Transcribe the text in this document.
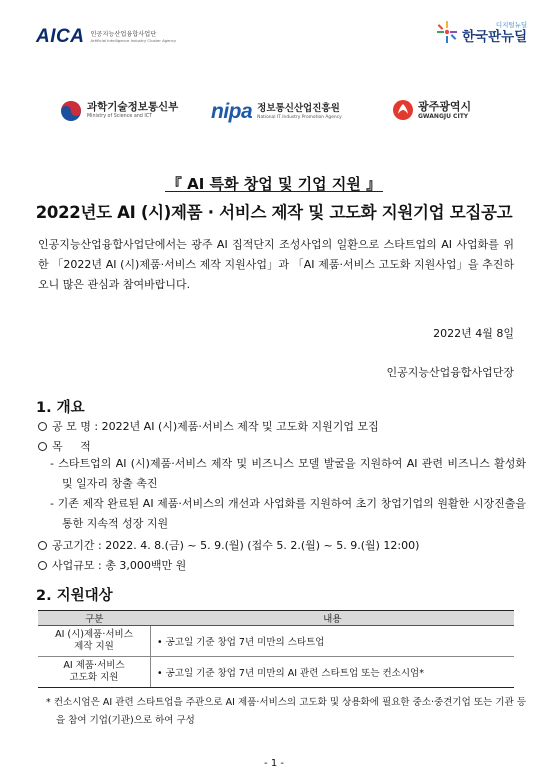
AICA 인공지능산업융합사업단
Artificial Intelligence Industry Cluster Agency
디지털뉴딜
한국판뉴딜
과학기술정보통신부
Ministry of Science and ICT	nipa 정보통신산업진흥원
National IT Industry Promotion Agency
광주광역시
GWANGJU CITY
『 AI 특화 창업 및 기업 지원 』
2022년도 AI (시)제품 · 서비스 제작 및 고도화 지원기업 모집공고
인공지능산업융합사업단에서는 광주 AI 집적단지 조성사업의 일환으로 스타트업의 AI 사업화를 위한 「2022년 AI (시)제품·서비스 제작 지원사업」과 「AI 제품·서비스 고도화 지원사업」을 추진하오니 많은 관심과 참여바랍니다.
2022년 4월 8일
인공지능산업융합사업단장
1. 개요
공 모 명 : 2022년 AI (시)제품·서비스 제작 및 고도화 지원기업 모집
목     적
- 스타트업의 AI (시)제품·서비스 제작 및 비즈니스 모델 발굴을 지원하여 AI 관련 비즈니스 활성화 및 일자리 창출 촉진
- 기존 제작 완료된 AI 제품·서비스의 개선과 사업화를 지원하여 초기 창업기업의 원활한 시장진출을 통한 지속적 성장 지원
공고기간 : 2022. 4. 8.(금) ~ 5. 9.(월) (접수 5. 2.(월) ~ 5. 9.(월) 12:00)
사업규모 : 총 3,000백만 원
2. 지원대상
구분	내용
AI (시)제품·서비스
제작 지원	• 공고일 기준 창업 7년 미만의 스타트업
AI 제품·서비스
고도화 지원	• 공고일 기준 창업 7년 미만의 AI 관련 스타트업 또는 컨소시엄*
* 컨소시엄은 AI 관련 스타트업을 주관으로 AI 제품·서비스의 고도화 및 상용화에 필요한 중소·중견기업 또는 기관 등을 참여 기업(기관)으로 하여 구성
- 1 -
